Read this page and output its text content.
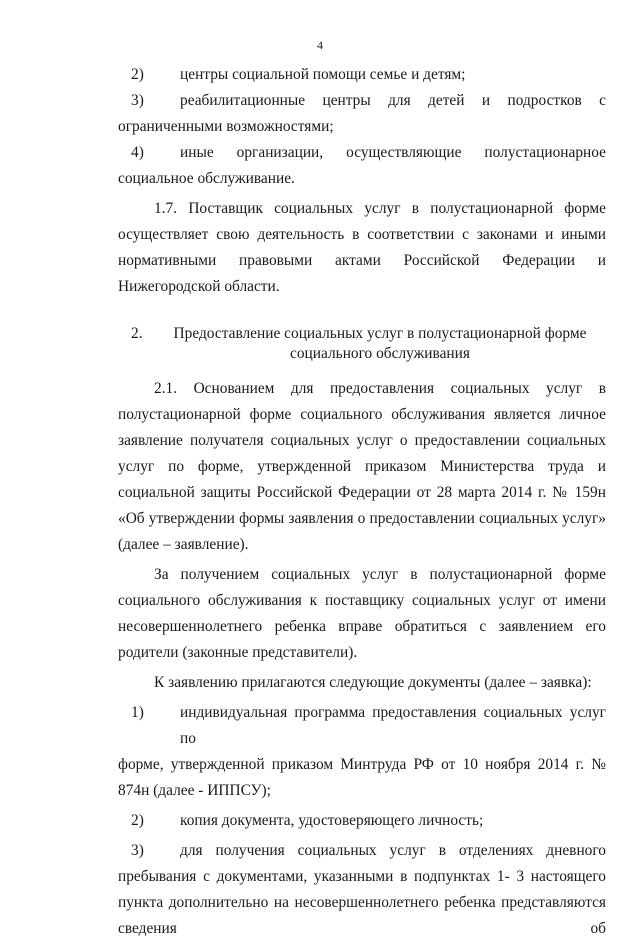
4
2)	центры социальной помощи семье и детям;
3)	реабилитационные центры для детей и подростков с

ограниченными возможностями;

4)	иные организации, осуществляющие полустационарное

социальное обслуживание.

1.7. Поставщик социальных услуг в полустационарной форме осуществляет свою деятельность в соответствии с законами и иными нормативными правовыми актами Российской Федерации и Нижегородской области.

2.	Предоставление социальных услуг в полустационарной форме
социального обслуживания

2.1. Основанием для предоставления социальных услуг в полустационарной форме социального обслуживания является личное заявление получателя социальных услуг о предоставлении социальных услуг по форме, утвержденной приказом Министерства труда и социальной защиты Российской Федерации от 28 марта 2014 г. № 159н «Об утверждении формы заявления о предоставлении социальных услуг» (далее – заявление).

За получением социальных услуг в полустационарной форме социального обслуживания к поставщику социальных услуг от имени несовершеннолетнего ребенка вправе обратиться с заявлением его родители (законные представители).

К заявлению прилагаются следующие документы (далее – заявка):

1)	индивидуальная программа предоставления социальных услуг по

форме, утвержденной приказом Минтруда РФ от 10 ноября 2014 г. № 874н (далее - ИППСУ);

2)	копия документа, удостоверяющего личность;
3)	для получения социальных услуг в отделениях дневного

пребывания с документами, указанными в подпунктах 1- 3 настоящего пункта дополнительно на несовершеннолетнего ребенка представляются сведения об
